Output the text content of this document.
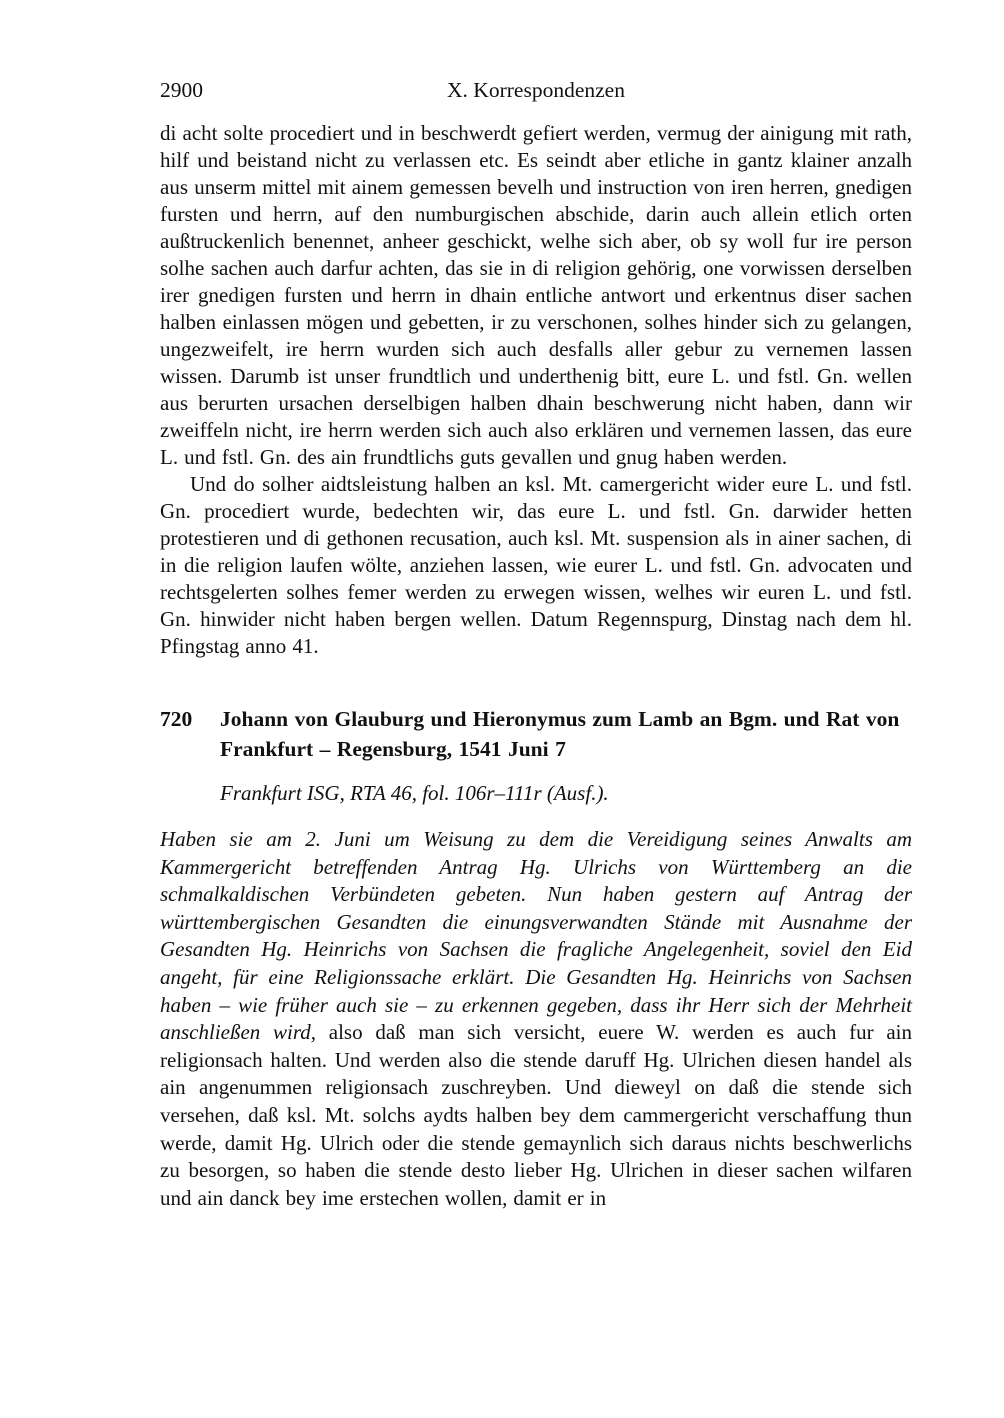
2900	X. Korrespondenzen

di acht solte procediert und in beschwerdt gefiert werden, vermug der ainigung mit rath, hilf und beistand nicht zu verlassen etc. Es seindt aber etliche in gantz klainer anzalh aus unserm mittel mit ainem gemessen bevelh und instruction von iren herren, gnedigen fursten und herrn, auf den numburgischen abschide, darin auch allein etlich orten außtruckenlich benennet, anheer geschickt, welhe sich aber, ob sy woll fur ire person solhe sachen auch darfur achten, das sie in di religion gehörig, one vorwissen derselben irer gnedigen fursten und herrn in dhain entliche antwort und erkentnus diser sachen halben einlassen mögen und gebetten, ir zu verschonen, solhes hinder sich zu gelangen, ungezweifelt, ire herrn wurden sich auch desfalls aller gebur zu vernemen lassen wissen. Darumb ist unser frundtlich und underthenig bitt, eure L. und fstl. Gn. wellen aus berurten ursachen derselbigen halben dhain beschwerung nicht haben, dann wir zweiffeln nicht, ire herrn werden sich auch also erklären und vernemen lassen, das eure L. und fstl. Gn. des ain frundtlichs guts gevallen und gnug haben werden.

Und do solher aidtsleistung halben an ksl. Mt. camergericht wider eure L. und fstl. Gn. procediert wurde, bedechten wir, das eure L. und fstl. Gn. darwider hetten protestieren und di gethonen recusation, auch ksl. Mt. suspension als in ainer sachen, di in die religion laufen wölte, anziehen lassen, wie eurer L. und fstl. Gn. advocaten und rechtsgelerten solhes femer werden zu erwegen wissen, welhes wir euren L. und fstl. Gn. hinwider nicht haben bergen wellen. Datum Regennspurg, Dinstag nach dem hl. Pfingstag anno 41.

720	Johann von Glauburg und Hieronymus zum Lamb an Bgm. und Rat von Frankfurt – Regensburg, 1541 Juni 7
Frankfurt ISG, RTA 46, fol. 106r–111r (Ausf.).

Haben sie am 2. Juni um Weisung zu dem die Vereidigung seines Anwalts am Kammergericht betreffenden Antrag Hg. Ulrichs von Württemberg an die schmalkaldischen Verbündeten gebeten. Nun haben gestern auf Antrag der württembergischen Gesandten die einungsverwandten Stände mit Ausnahme der Gesandten Hg. Heinrichs von Sachsen die fragliche Angelegenheit, soviel den Eid angeht, für eine Religionssache erklärt. Die Gesandten Hg. Heinrichs von Sachsen haben – wie früher auch sie – zu erkennen gegeben, dass ihr Herr sich der Mehrheit anschließen wird, also daß man sich versicht, euere W. werden es auch fur ain religionsach halten. Und werden also die stende daruff Hg. Ulrichen diesen handel als ain angenummen religionsach zuschreyben. Und dieweyl on daß die stende sich versehen, daß ksl. Mt. solchs aydts halben bey dem cammergericht verschaffung thun werde, damit Hg. Ulrich oder die stende gemaynlich sich daraus nichts beschwerlichs zu besorgen, so haben die stende desto lieber Hg. Ulrichen in dieser sachen wilfaren und ain danck bey ime erstechen wollen, damit er in
